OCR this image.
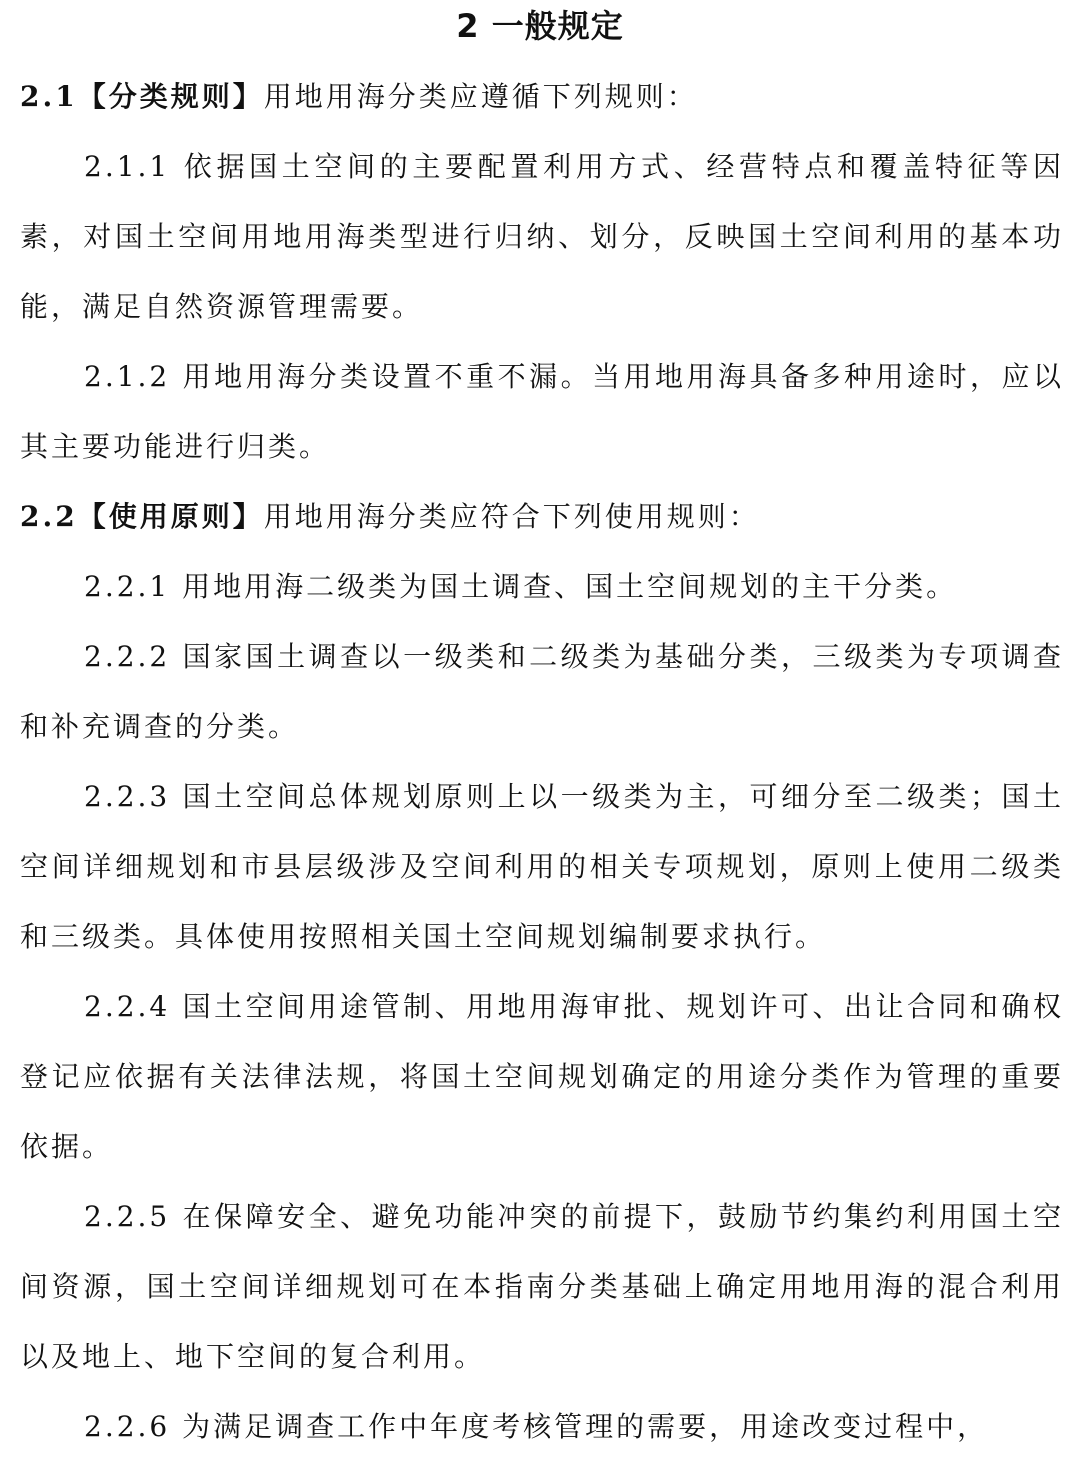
2 一般规定

2.1【分类规则】用地用海分类应遵循下列规则：

2.1.1 依据国土空间的主要配置利用方式、经营特点和覆盖特征等因素，对国土空间用地用海类型进行归纳、划分，反映国土空间利用的基本功能，满足自然资源管理需要。
2.1.2 用地用海分类设置不重不漏。当用地用海具备多种用途时，应以其主要功能进行归类。

2.2【使用原则】用地用海分类应符合下列使用规则：

2.2.1 用地用海二级类为国土调查、国土空间规划的主干分类。
2.2.2 国家国土调查以一级类和二级类为基础分类，三级类为专项调查和补充调查的分类。
2.2.3 国土空间总体规划原则上以一级类为主，可细分至二级类；国土空间详细规划和市县层级涉及空间利用的相关专项规划，原则上使用二级类和三级类。具体使用按照相关国土空间规划编制要求执行。
2.2.4 国土空间用途管制、用地用海审批、规划许可、出让合同和确权登记应依据有关法律法规，将国土空间规划确定的用途分类作为管理的重要依据。
2.2.5 在保障安全、避免功能冲突的前提下，鼓励节约集约利用国土空间资源，国土空间详细规划可在本指南分类基础上确定用地用海的混合利用以及地上、地下空间的复合利用。
2.2.6 为满足调查工作中年度考核管理的需要，用途改变过程中，
